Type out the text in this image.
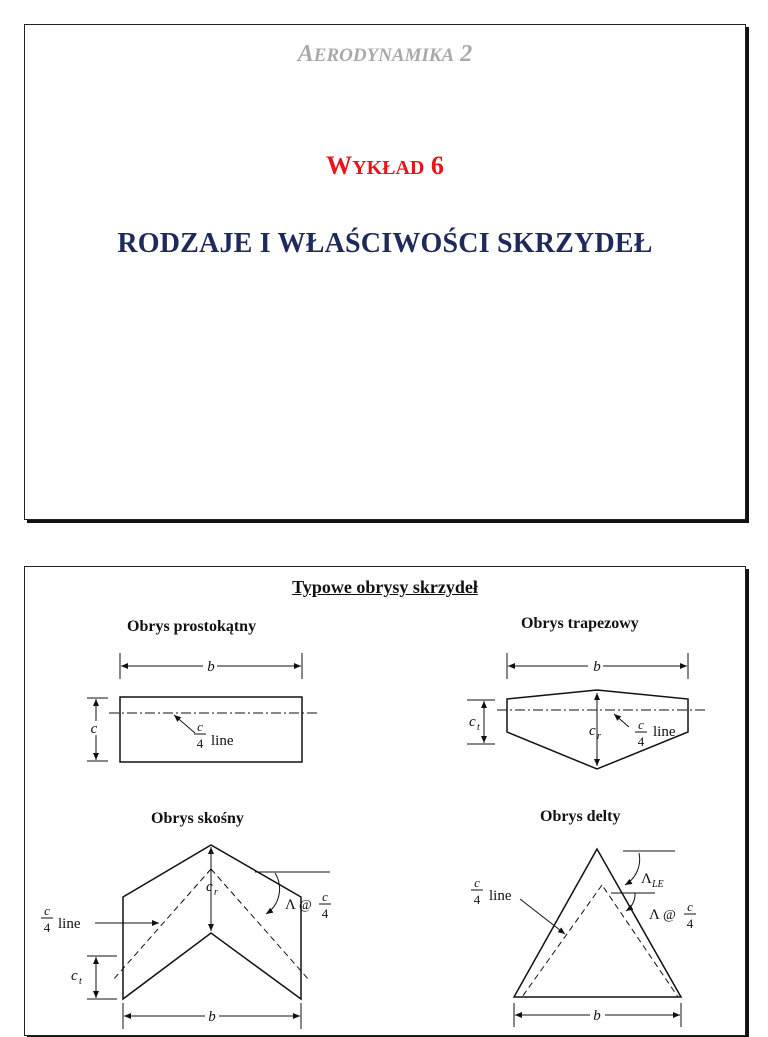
AERODYNAMIKA 2
WYKŁAD 6
RODZAJE I WŁAŚCIWOŚCI SKRZYDEŁ
b
c	c
4 line
b
c t	c r
c
4
line
c r
c t
c
4 line
Λ @
c
4
b
Λ LE
Λ @
c
4
c
4 line
b
Typowe obrysy skrzydeł
Obrys prostokątny	Obrys trapezowy
Obrys skośny	Obrys delty
